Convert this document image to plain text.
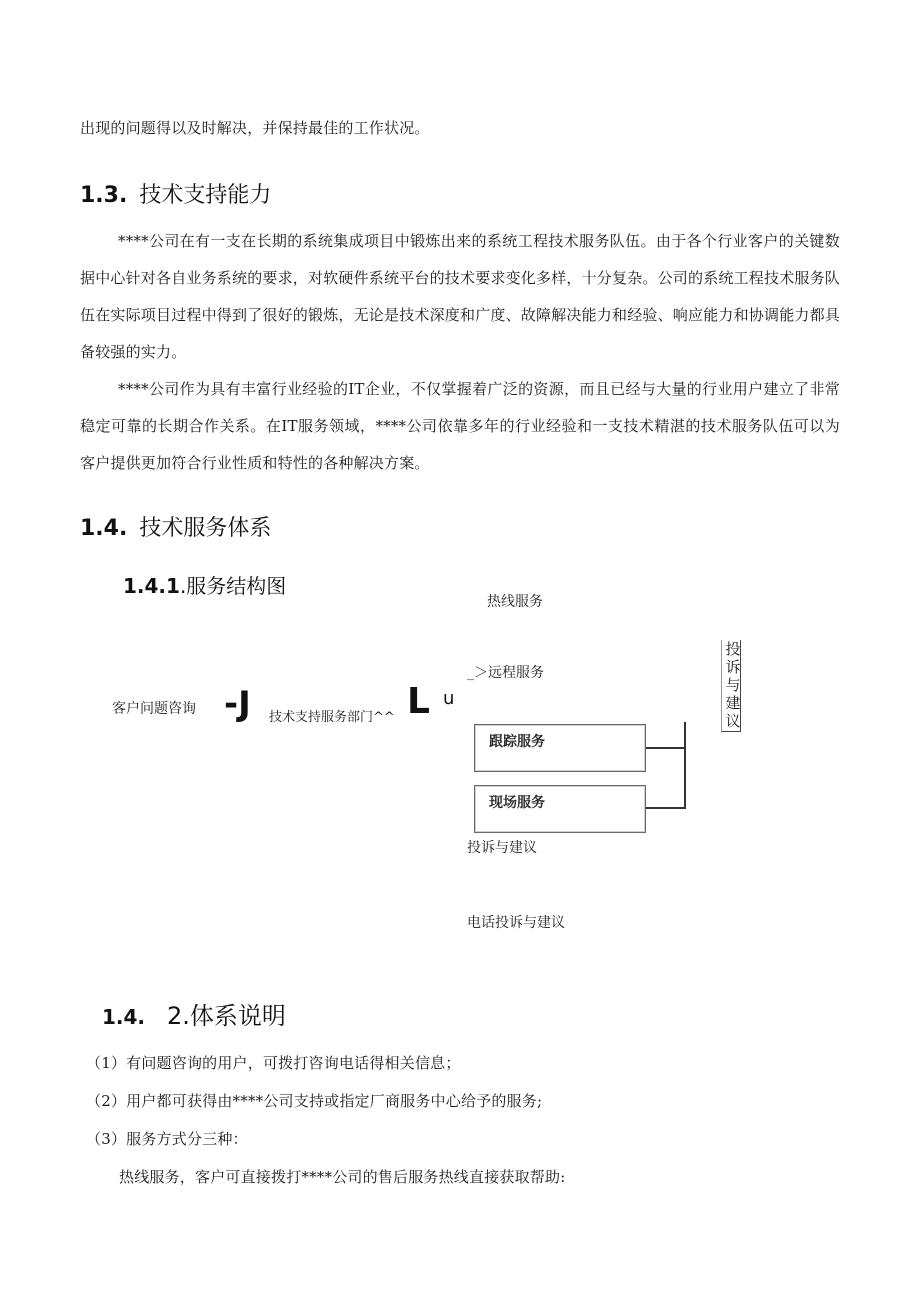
出现的问题得以及时解决，并保持最佳的工作状况。
1.3. 技术支持能力
****公司在有一支在长期的系统集成项目中锻炼出来的系统工程技术服务队伍。由于各个行业客户的关键数据中心针对各自业务系统的要求，对软硬件系统平台的技术要求变化多样，十分复杂。公司的系统工程技术服务队伍在实际项目过程中得到了很好的锻炼，无论是技术深度和广度、故障解决能力和经验、响应能力和协调能力都具备较强的实力。
****公司作为具有丰富行业经验的IT企业，不仅掌握着广泛的资源，而且已经与大量的行业用户建立了非常稳定可靠的长期合作关系。在IT服务领域，****公司依靠多年的行业经验和一支技术精湛的技术服务队伍可以为客户提供更加符合行业性质和特性的各种解决方案。
1.4. 技术服务体系
1.4.1.服务结构图
热线服务
_＞远程服务
客户问题咨询 -J 技术支持服务部门^^ L u
投诉与建议
跟踪服务
现场服务
投诉与建议
电话投诉与建议
1.4. 2.体系说明
（1）有问题咨询的用户，可拨打咨询电话得相关信息；
（2）用户都可获得由****公司支持或指定厂商服务中心给予的服务;
（3）服务方式分三种：
热线服务，客户可直接拨打****公司的售后服务热线直接获取帮助:
